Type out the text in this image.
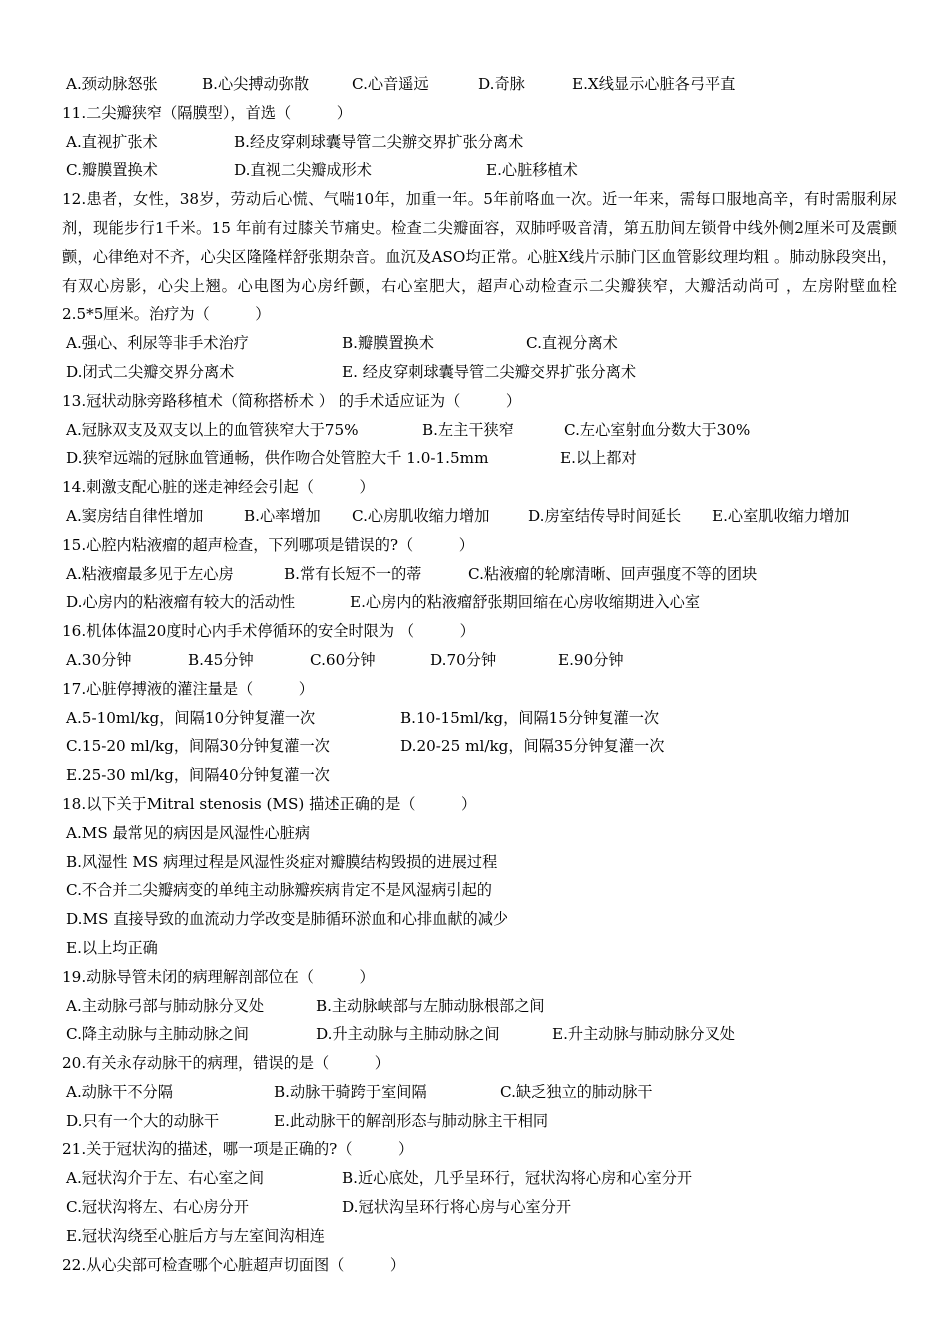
A.颈动脉怒张	B.心尖搏动弥散	C.心音遥远	D.奇脉	E.X线显示心脏各弓平直
11.二尖瓣狭窄（隔膜型），首选（　　　）
A.直视扩张术	B.经皮穿刺球囊导管二尖辦交界扩张分离术
C.瓣膜置换术	D.直视二尖瓣成形术	E.心脏移植术
12.患者，女性，38岁，劳动后心慌、气喘10年，加重一年。5年前咯血一次。近一年来，需每口服地高辛，有时需服利尿剂，现能步行1千米。15 年前有过膝关节痛史。检查二尖瓣面容，双肺呼吸音清，第五肋间左锁骨中线外侧2厘米可及震颤颤，心律绝对不齐，心尖区隆隆样舒张期杂音。血沉及ASO均正常。心脏X线片示肺门区血管影纹理均粗 。肺动脉段突出，有双心房影，心尖上翘。心电图为心房纤颤，右心室肥大，超声心动检查示二尖瓣狭窄，大瓣活动尚可 ，左房附壁血栓2.5*5厘米。治疗为（　　　）
A.强心、利尿等非手术治疗	B.瓣膜置换术	C.直视分离术
D.闭式二尖瓣交界分离术	E. 经皮穿刺球囊导管二尖瓣交界扩张分离术
13.冠状动脉旁路移植术（简称搭桥术 ） 的手术适应证为（　　　）
A.冠脉双支及双支以上的血管狭窄大于75%	B.左主干狭窄	C.左心室射血分数大于30%
D.狭窄远端的冠脉血管通畅，供作吻合处管腔大千 1.0-1.5mm	E.以上都对
14.刺激支配心脏的迷走神经会引起（　　　）
A.窦房结自律性增加	B.心率增加 C.心房肌收缩力增加	D.房室结传导时间延长 E.心室肌收缩力增加
15.心腔内粘液瘤的超声检查，下列哪项是错误的?（　　　）
A.粘液瘤最多见于左心房	B.常有长短不一的蒂	C.粘液瘤的轮廓清晰、回声强度不等的团块
D.心房内的粘液瘤有较大的活动性	E.心房内的粘液瘤舒张期回缩在心房收缩期进入心室
16.机体体温20度时心内手术停循环的安全时限为 （　　　）
A.30分钟	B.45分钟	C.60分钟	D.70分钟	E.90分钟
17.心脏停搏液的灌注量是（　　　）
A.5-10ml/kg，间隔10分钟复灌一次	B.10-15ml/kg，间隔15分钟复灌一次
C.15-20 ml/kg，间隔30分钟复灌一次	D.20-25 ml/kg，间隔35分钟复灌一次
E.25-30 ml/kg，间隔40分钟复灌一次
18.以下关于Mitral stenosis (MS) 描述正确的是（　　　）
A.MS 最常见的病因是风湿性心脏病
B.风湿性 MS 病理过程是风湿性炎症对瓣膜结构毁损的进展过程
C.不合并二尖瓣病变的单纯主动脉瓣疾病肯定不是风湿病引起的
D.MS 直接导致的血流动力学改变是肺循环淤血和心排血献的减少
E.以上均正确
19.动脉导管未闭的病理解剖部位在（　　　）
A.主动脉弓部与肺动脉分叉处	B.主动脉峡部与左肺动脉根部之间
C.降主动脉与主肺动脉之间	D.升主动脉与主肺动脉之间	E.升主动脉与肺动脉分叉处
20.有关永存动脉干的病理，错误的是（　　　）
A.动脉干不分隔	B.动脉干骑跨于室间隔	C.缺乏独立的肺动脉干
D.只有一个大的动脉干	E.此动脉干的解剖形态与肺动脉主干相同
21.关于冠状沟的描述，哪一项是正确的?（　　　）
A.冠状沟介于左、右心室之间	B.近心底处，几乎呈环行，冠状沟将心房和心室分开
C.冠状沟将左、右心房分开	D.冠状沟呈环行将心房与心室分开
E.冠状沟绕至心脏后方与左室间沟相连
22.从心尖部可检查哪个心脏超声切面图（　　　）
